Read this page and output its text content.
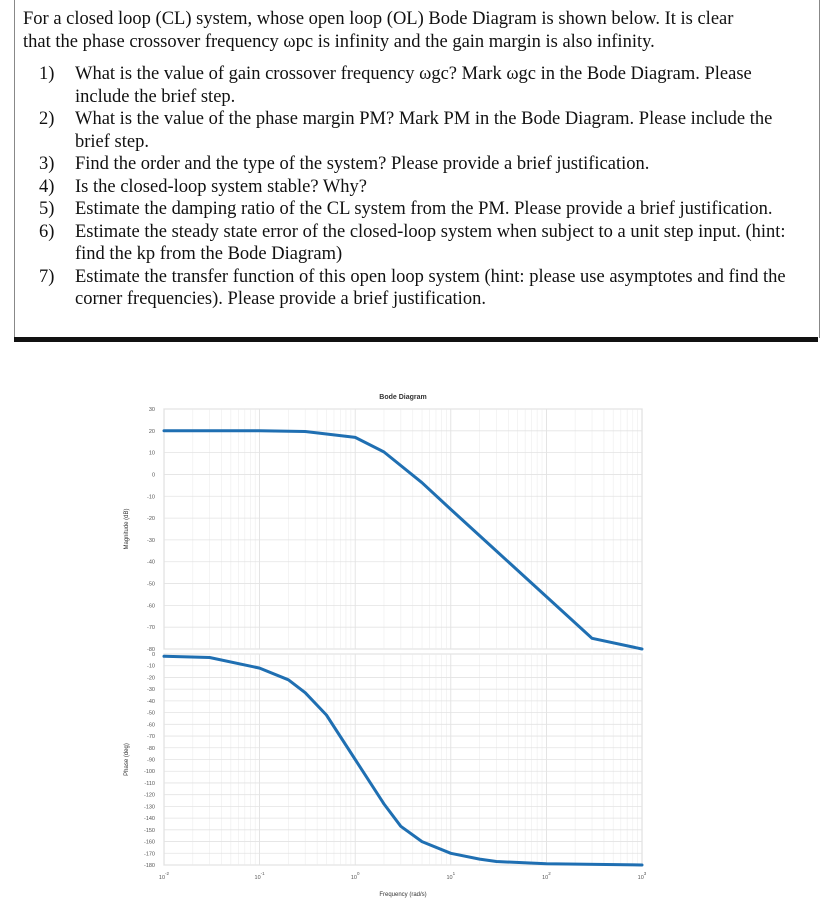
For a closed loop (CL) system, whose open loop (OL) Bode Diagram is shown below. It is clear
that the phase crossover frequency ωpc is infinity and the gain margin is also infinity.
1)	What is the value of gain crossover frequency ωgc? Mark ωgc in the Bode Diagram. Please include the brief step.
2)	What is the value of the phase margin PM? Mark PM in the Bode Diagram. Please include the brief step.
3)	Find the order and the type of the system? Please provide a brief justification.
4)	Is the closed-loop system stable? Why?
5)	Estimate the damping ratio of the CL system from the PM. Please provide a brief justification.
6)	Estimate the steady state error of the closed-loop system when subject to a unit step input. (hint: find the kp from the Bode Diagram)
7)	Estimate the transfer function of this open loop system (hint: please use asymptotes and find the corner frequencies). Please provide a brief justification.
Bode Diagram
30
20
10
0
-10
-20
-30
-40
-50
-60
-70
-80
Magnitude (dB)
0
-10
-20
-30
-40
-50
-60
-70
-80
-90
-100
-110
-120
-130
-140
-150
-160
-170
-180
Phase (deg)
$10^{-2}$
$10^{-1}$
$10^0$
$10^1$
$10^2$
$10^3$
Frequency (rad/s)
